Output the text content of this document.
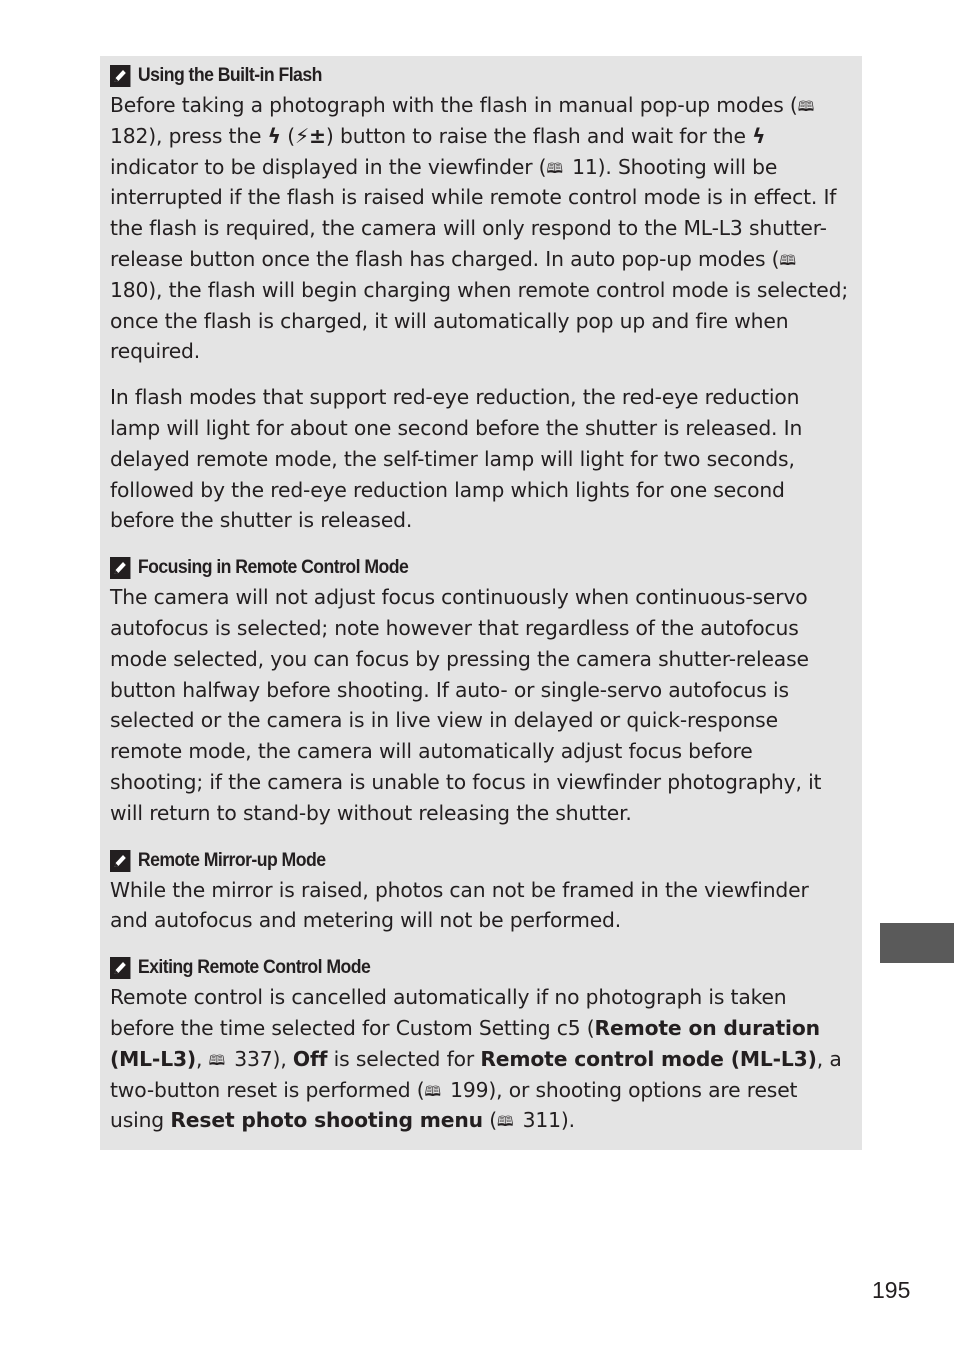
Using the Built-in Flash

Before taking a photograph with the flash in manual pop-up modes (🕮 182), press the ϟ (⚡±) button to raise the flash and wait for the ϟ indicator to be displayed in the viewfinder (🕮 11). Shooting will be interrupted if the flash is raised while remote control mode is in effect. If the flash is required, the camera will only respond to the ML-L3 shutter-release button once the flash has charged. In auto pop-up modes (🕮 180), the flash will begin charging when remote control mode is selected; once the flash is charged, it will automatically pop up and fire when required.

In flash modes that support red-eye reduction, the red-eye reduction lamp will light for about one second before the shutter is released. In delayed remote mode, the self-timer lamp will light for two seconds, followed by the red-eye reduction lamp which lights for one second before the shutter is released.

Focusing in Remote Control Mode

The camera will not adjust focus continuously when continuous-servo autofocus is selected; note however that regardless of the autofocus mode selected, you can focus by pressing the camera shutter-release button halfway before shooting. If auto- or single-servo autofocus is selected or the camera is in live view in delayed or quick-response remote mode, the camera will automatically adjust focus before shooting; if the camera is unable to focus in viewfinder photography, it will return to stand-by without releasing the shutter.

Remote Mirror-up Mode

While the mirror is raised, photos can not be framed in the viewfinder and autofocus and metering will not be performed.

Exiting Remote Control Mode

Remote control is cancelled automatically if no photograph is taken before the time selected for Custom Setting c5 (Remote on duration (ML-L3), 🕮 337), Off is selected for Remote control mode (ML-L3), a two-button reset is performed (🕮 199), or shooting options are reset using Reset photo shooting menu (🕮 311).

195
